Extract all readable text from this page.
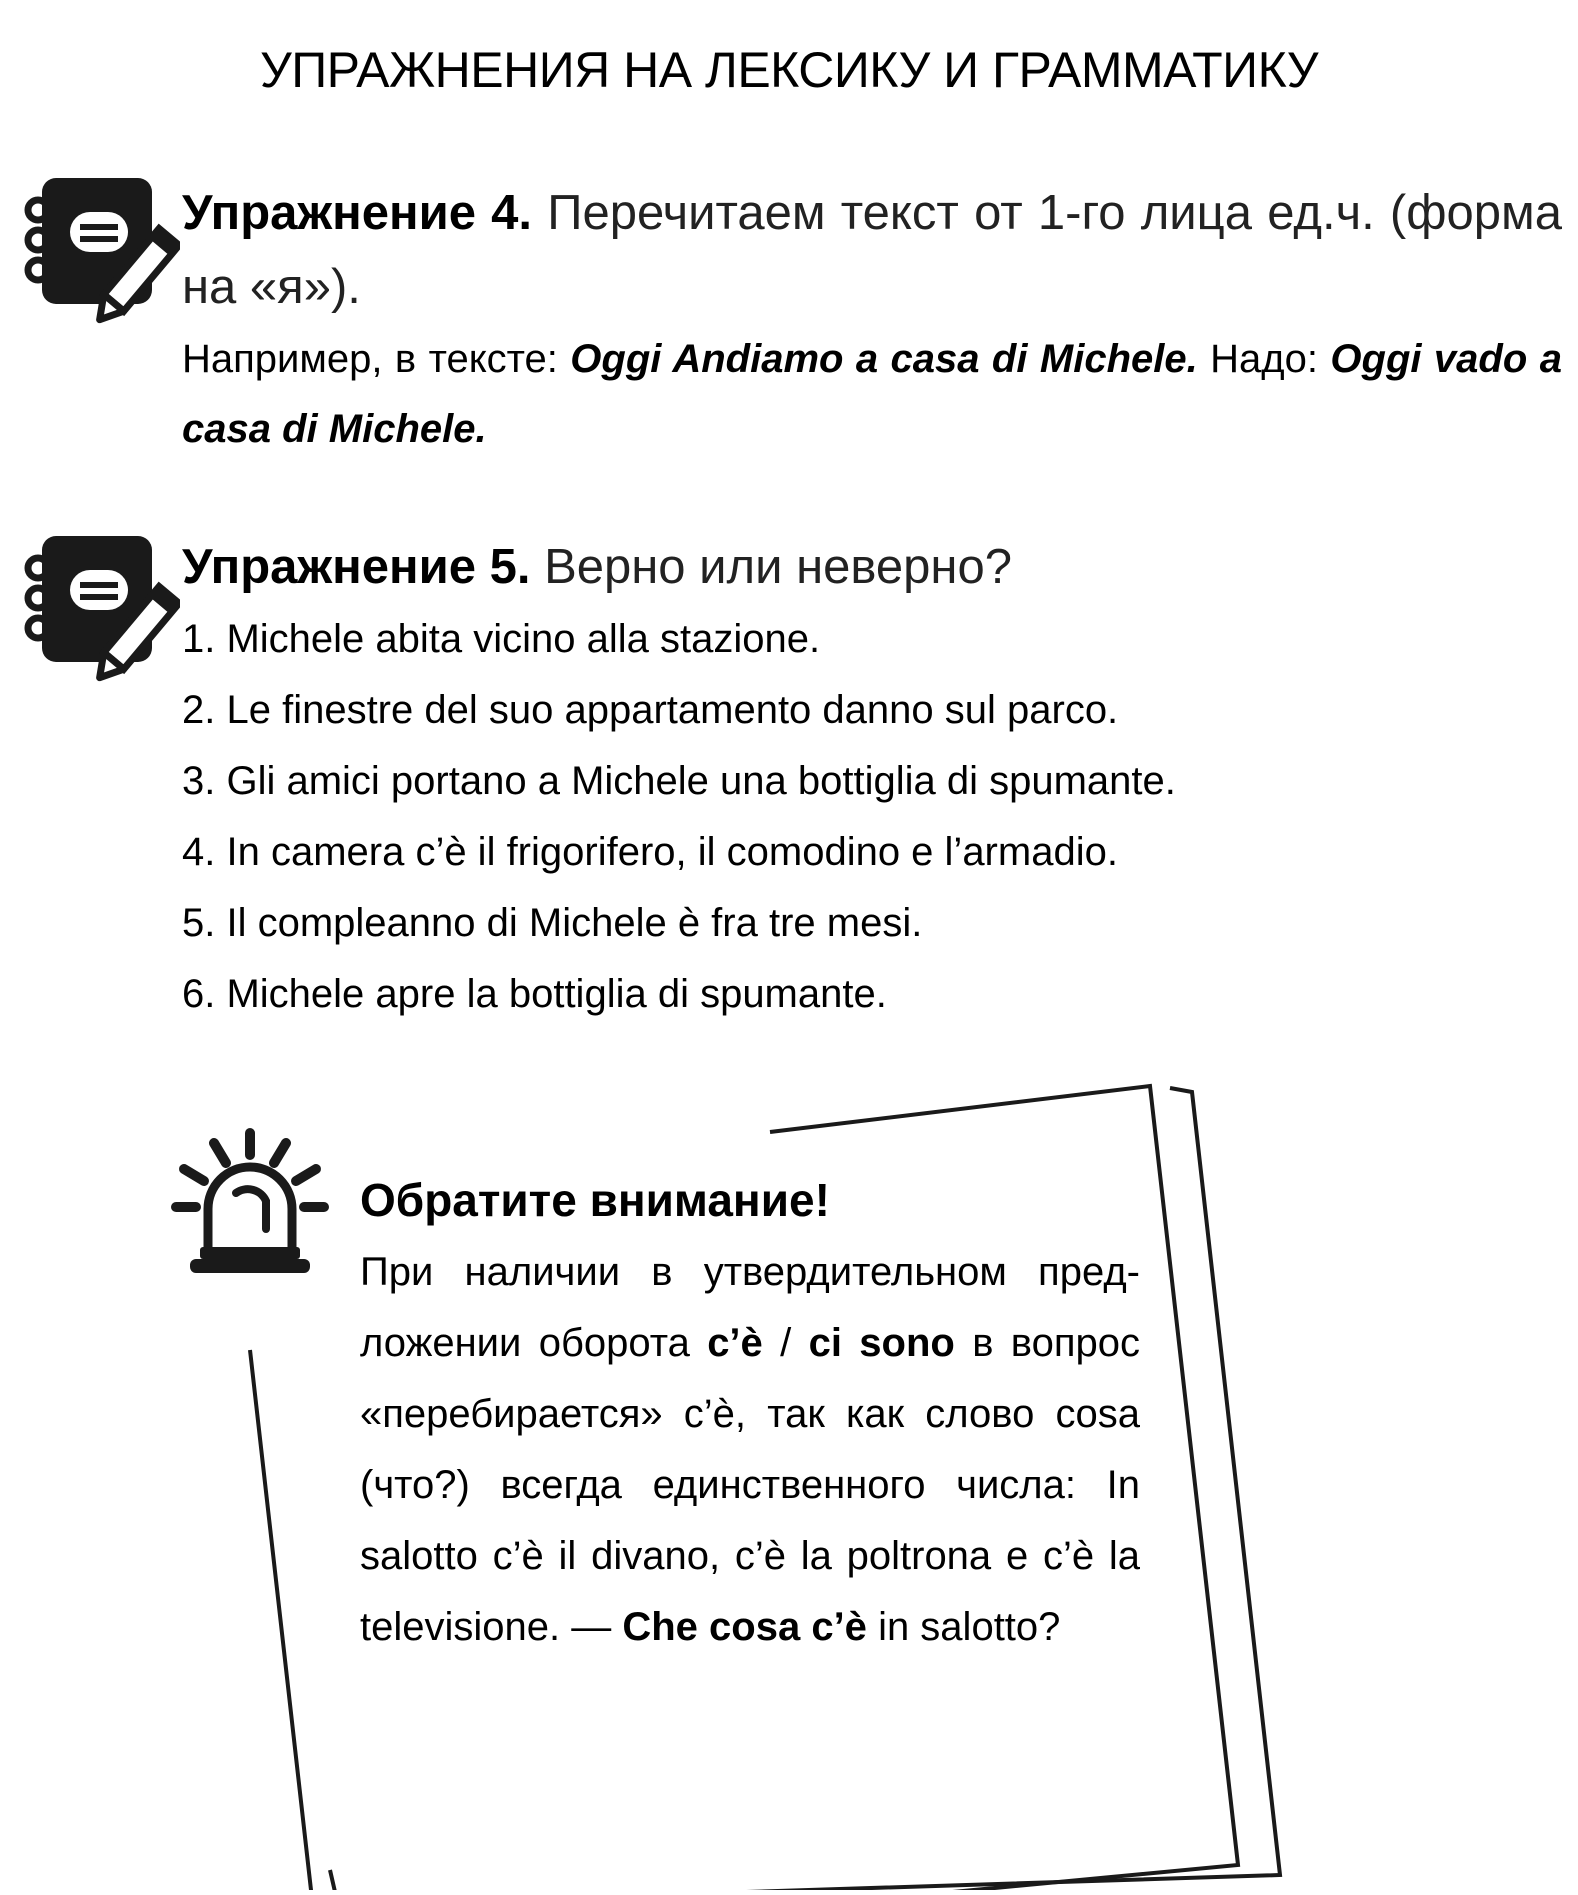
УПРАЖНЕНИЯ НА ЛЕКСИКУ И ГРАММАТИКУ
Упражнение 4. Перечитаем текст от 1-го лица ед.ч. (форма на «я»).
Например, в тексте: Oggi Andiamo a casa di Michele. Надо: Oggi vado a casa di Michele.
Упражнение 5. Верно или неверно?
1. Michele abita vicino alla stazione.
2. Le finestre del suo appartamento danno sul parco.
3. Gli amici portano a Michele una bottiglia di spumante.
4. In camera c’è il frigorifero, il comodino e l’armadio.
5. Il compleanno di Michele è fra tre mesi.
6. Michele apre la bottiglia di spumante.
Обратите внимание!
При наличии в утвердительном предложении оборота c’è / ci sono в вопрос «перебирается» c’è, так как слово cosa (что?) всегда единственного числа: In salotto c’è il divano, c’è la poltrona e c’è la televisione. — Che cosa c’è in salotto?
